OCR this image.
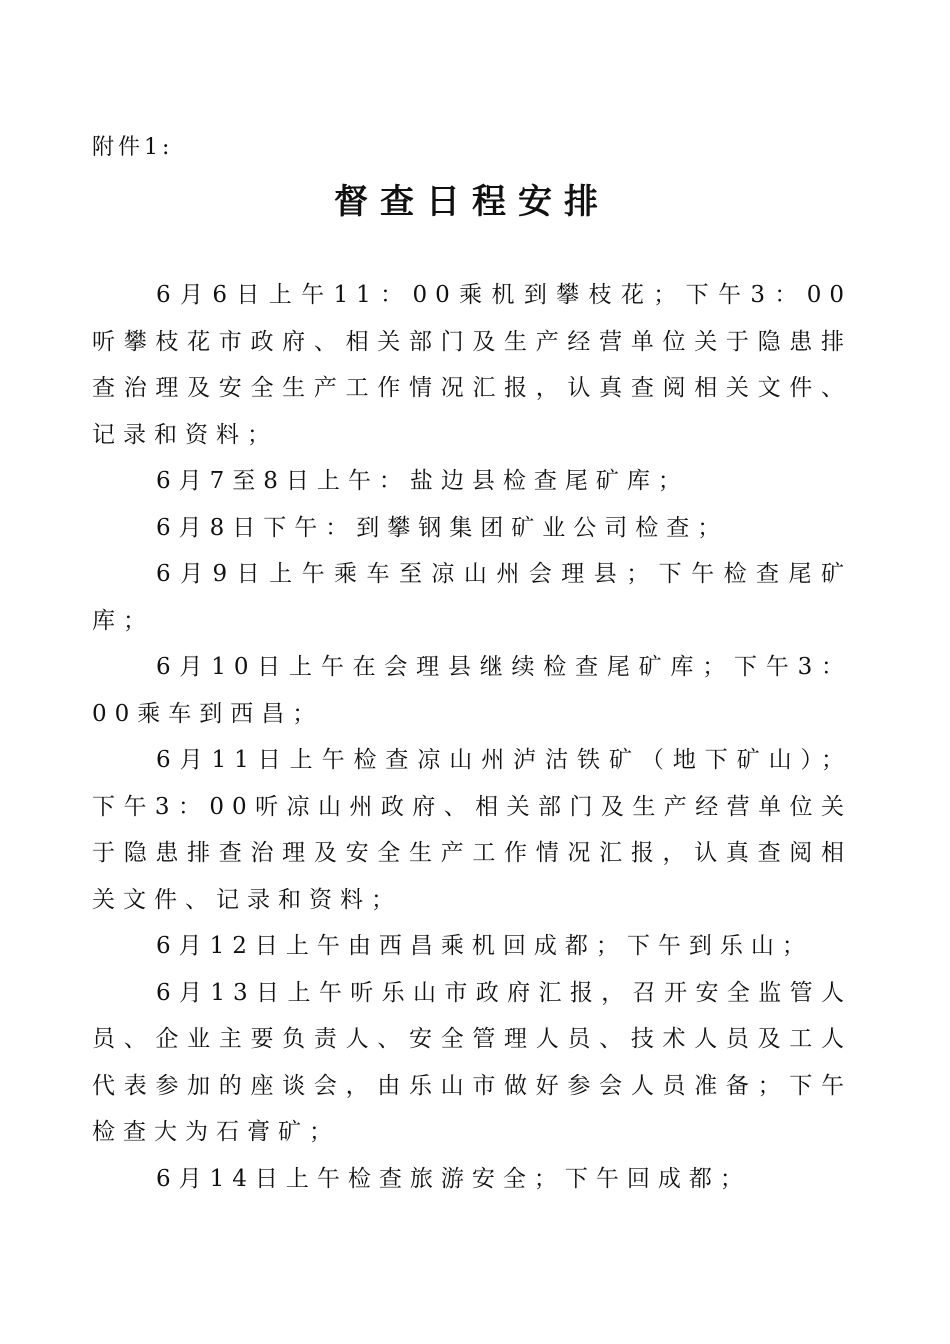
附件1:

督查日程安排

6月6日上午11：00乘机到攀枝花；下午3：00听攀枝花市政府、相关部门及生产经营单位关于隐患排查治理及安全生产工作情况汇报，认真查阅相关文件、记录和资料；

6月7至8日上午：盐边县检查尾矿库；

6月8日下午：到攀钢集团矿业公司检查；

6月9日上午乘车至凉山州会理县；下午检查尾矿库；

6月10日上午在会理县继续检查尾矿库；下午3：00乘车到西昌；

6月11日上午检查凉山州泸沽铁矿（地下矿山）；下午3：00听凉山州政府、相关部门及生产经营单位关于隐患排查治理及安全生产工作情况汇报，认真查阅相关文件、记录和资料；

6月12日上午由西昌乘机回成都；下午到乐山；

6月13日上午听乐山市政府汇报，召开安全监管人员、企业主要负责人、安全管理人员、技术人员及工人代表参加的座谈会，由乐山市做好参会人员准备；下午检查大为石膏矿；

6月14日上午检查旅游安全；下午回成都；
